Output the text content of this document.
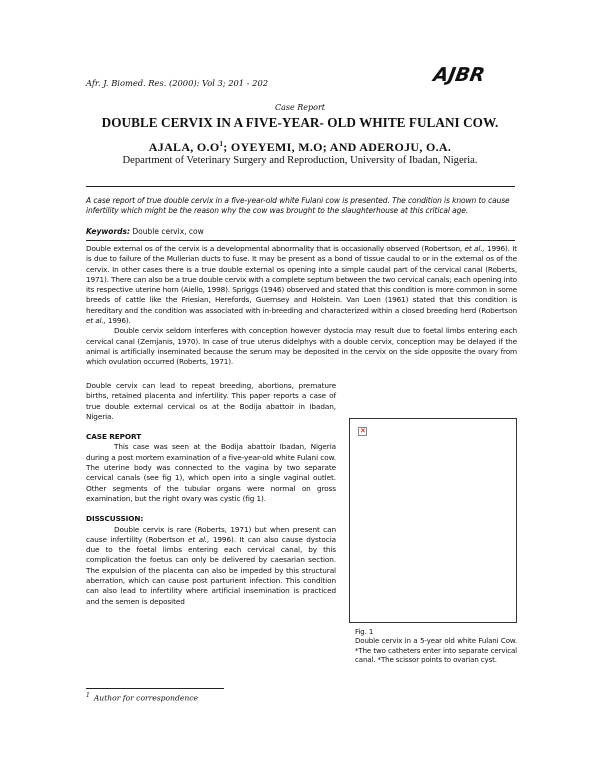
Afr. J. Biomed. Res. (2000): Vol 3; 201 - 202	AJBR
Case Report
DOUBLE CERVIX IN A FIVE-YEAR- OLD WHITE FULANI COW.
AJALA, $O.O^1$; OYEYEMI, M.O; AND ADEROJU, O.A.
Department of Veterinary Surgery and Reproduction, University of Ibadan, Nigeria.
A case report of true double cervix in a five-year-old white Fulani cow is presented. The condition is known to cause infertility which might be the reason why the cow was brought to the slaughterhouse at this critical age.
Keywords: Double cervix, cow

Double external os of the cervix is a developmental abnormality that is occasionally observed (Robertson, et al., 1996). It is due to failure of the Mullerian ducts to fuse. It may be present as a bond of tissue caudal to or in the external os of the cervix. In other cases there is a true double external os opening into a simple caudal part of the cervical canal (Roberts, 1971). There can also be a true double cervix with a complete septum between the two cervical canals; each opening into its respective uterine horn (Aiello, 1998). Spriggs (1946) observed and stated that this condition is more common in some breeds of cattle like the Friesian, Herefords, Guernsey and Holstein. Van Loen (1961) stated that this condition is hereditary and the condition was associated with in-breeding and characterized within a closed breeding herd (Robertson et al., 1996).

Double cervix seldom interferes with conception however dystocia may result due to foetal limbs entering each cervical canal (Zemjanis, 1970). In case of true uterus didelphys with a double cervix, conception may be delayed if the animal is artificially inseminated because the serum may be deposited in the cervix on the side opposite the ovary from which ovulation occurred (Roberts, 1971).

Double cervix can lead to repeat breeding, abortions, premature births, retained placenta and infertility. This paper reports a case of true double external cervical os at the Bodija abattoir in Ibadan, Nigeria.

CASE REPORT

This case was seen at the Bodija abattoir Ibadan, Nigeria during a post mortem examination of a five-year-old white Fulani cow. The uterine body was connected to the vagina by two separate cervical canals (see fig 1), which open into a single vaginal outlet. Other segments of the tubular organs were normal on gross examination, but the right ovary was cystic (fig 1).

DISSCUSSION:

Double cervix is rare (Roberts, 1971) but when present can cause infertility (Robertson et al., 1996). It can also cause dystocia due to the foetal limbs entering each cervical canal, by this complication the foetus can only be delivered by caesarian section. The expulsion of the placenta can also be impeded by this structural aberration, which can cause post parturient infection. This condition can also lead to infertility where artificial insemination is practiced and the semen is deposited

✕
Fig. 1
Double cervix in a 5-year old white Fulani Cow. *The two catheters enter into separate cervical canal. *The scissor points to ovarian cyst.
$^1$ Author for correspondence
